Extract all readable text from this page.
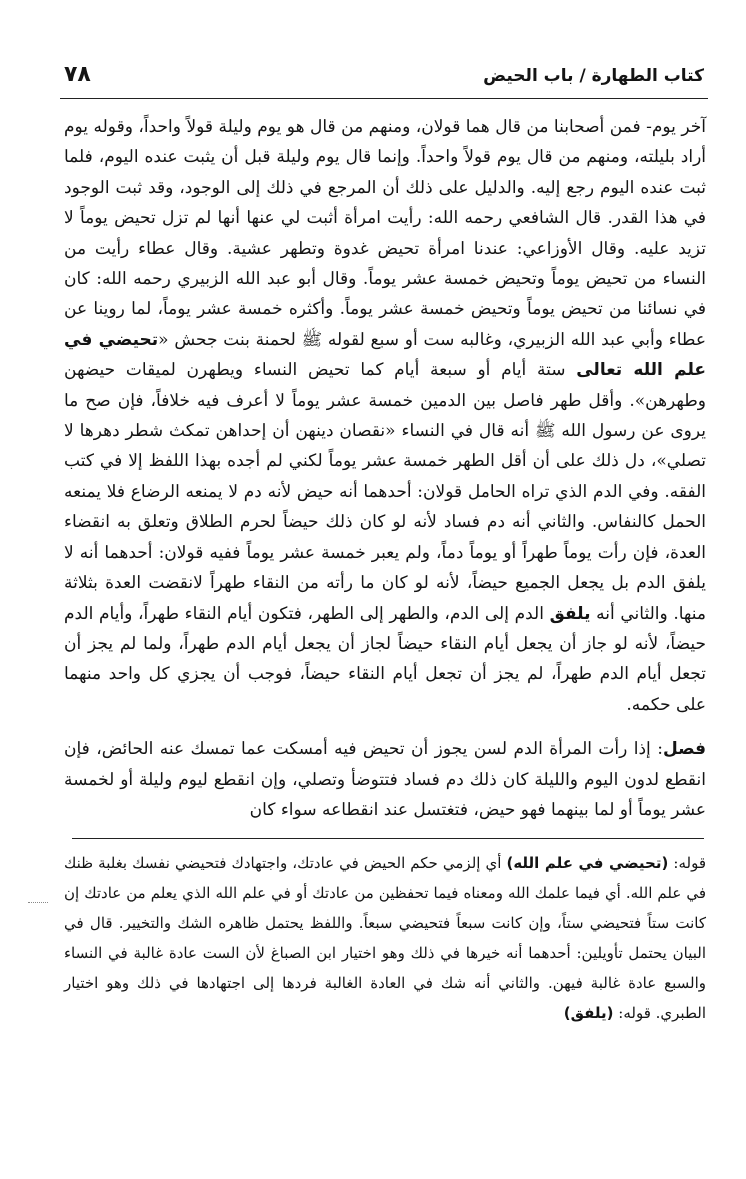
كتاب الطهارة / باب الحيض
٧٨

آخر يوم- فمن أصحابنا من قال هما قولان، ومنهم من قال هو يوم وليلة قولاً واحداً، وقوله يوم أراد بليلته، ومنهم من قال يوم قولاً واحداً. وإنما قال يوم وليلة قبل أن يثبت عنده اليوم، فلما ثبت عنده اليوم رجع إليه. والدليل على ذلك أن المرجع في ذلك إلى الوجود، وقد ثبت الوجود في هذا القدر. قال الشافعي رحمه الله: رأيت امرأة أثبت لي عنها أنها لم تزل تحيض يوماً لا تزيد عليه. وقال الأوزاعي: عندنا امرأة تحيض غدوة وتطهر عشية. وقال عطاء رأيت من النساء من تحيض يوماً وتحيض خمسة عشر يوماً. وقال أبو عبد الله الزبيري رحمه الله: كان في نسائنا من تحيض يوماً وتحيض خمسة عشر يوماً. وأكثره خمسة عشر يوماً، لما روينا عن عطاء وأبي عبد الله الزبيري، وغالبه ست أو سبع لقوله ﷺ لحمنة بنت جحش «تحيضي في علم الله تعالى ستة أيام أو سبعة أيام كما تحيض النساء ويطهرن لميقات حيضهن وطهرهن». وأقل طهر فاصل بين الدمين خمسة عشر يوماً لا أعرف فيه خلافاً، فإن صح ما يروى عن رسول الله ﷺ أنه قال في النساء «نقصان دينهن أن إحداهن تمكث شطر دهرها لا تصلي»، دل ذلك على أن أقل الطهر خمسة عشر يوماً لكني لم أجده بهذا اللفظ إلا في كتب الفقه. وفي الدم الذي تراه الحامل قولان: أحدهما أنه حيض لأنه دم لا يمنعه الرضاع فلا يمنعه الحمل كالنفاس. والثاني أنه دم فساد لأنه لو كان ذلك حيضاً لحرم الطلاق وتعلق به انقضاء العدة، فإن رأت يوماً طهراً أو يوماً دماً، ولم يعبر خمسة عشر يوماً ففيه قولان: أحدهما أنه لا يلفق الدم بل يجعل الجميع حيضاً، لأنه لو كان ما رأته من النقاء طهراً لانقضت العدة بثلاثة منها. والثاني أنه يلفق الدم إلى الدم، والطهر إلى الطهر، فتكون أيام النقاء طهراً، وأيام الدم حيضاً، لأنه لو جاز أن يجعل أيام النقاء حيضاً لجاز أن يجعل أيام الدم طهراً، ولما لم يجز أن تجعل أيام الدم طهراً، لم يجز أن تجعل أيام النقاء حيضاً، فوجب أن يجزي كل واحد منهما على حكمه.

فصل: إذا رأت المرأة الدم لسن يجوز أن تحيض فيه أمسكت عما تمسك عنه الحائض، فإن انقطع لدون اليوم والليلة كان ذلك دم فساد فتتوضأ وتصلي، وإن انقطع ليوم وليلة أو لخمسة عشر يوماً أو لما بينهما فهو حيض، فتغتسل عند انقطاعه سواء كان

قوله: (تحيضي في علم الله) أي إلزمي حكم الحيض في عادتك، واجتهادك فتحيضي نفسك بغلبة ظنك في علم الله. أي فيما علمك الله ومعناه فيما تحفظين من عادتك أو في علم الله الذي يعلم من عادتك إن كانت ستاً فتحيضي ستاً، وإن كانت سبعاً فتحيضي سبعاً. واللفظ يحتمل ظاهره الشك والتخيير. قال في البيان يحتمل تأويلين: أحدهما أنه خيرها في ذلك وهو اختيار ابن الصباغ لأن الست عادة غالبة في النساء والسبع عادة غالبة فيهن. والثاني أنه شك في العادة الغالبة فردها إلى اجتهادها في ذلك وهو اختيار الطبري. قوله: (يلفق)
